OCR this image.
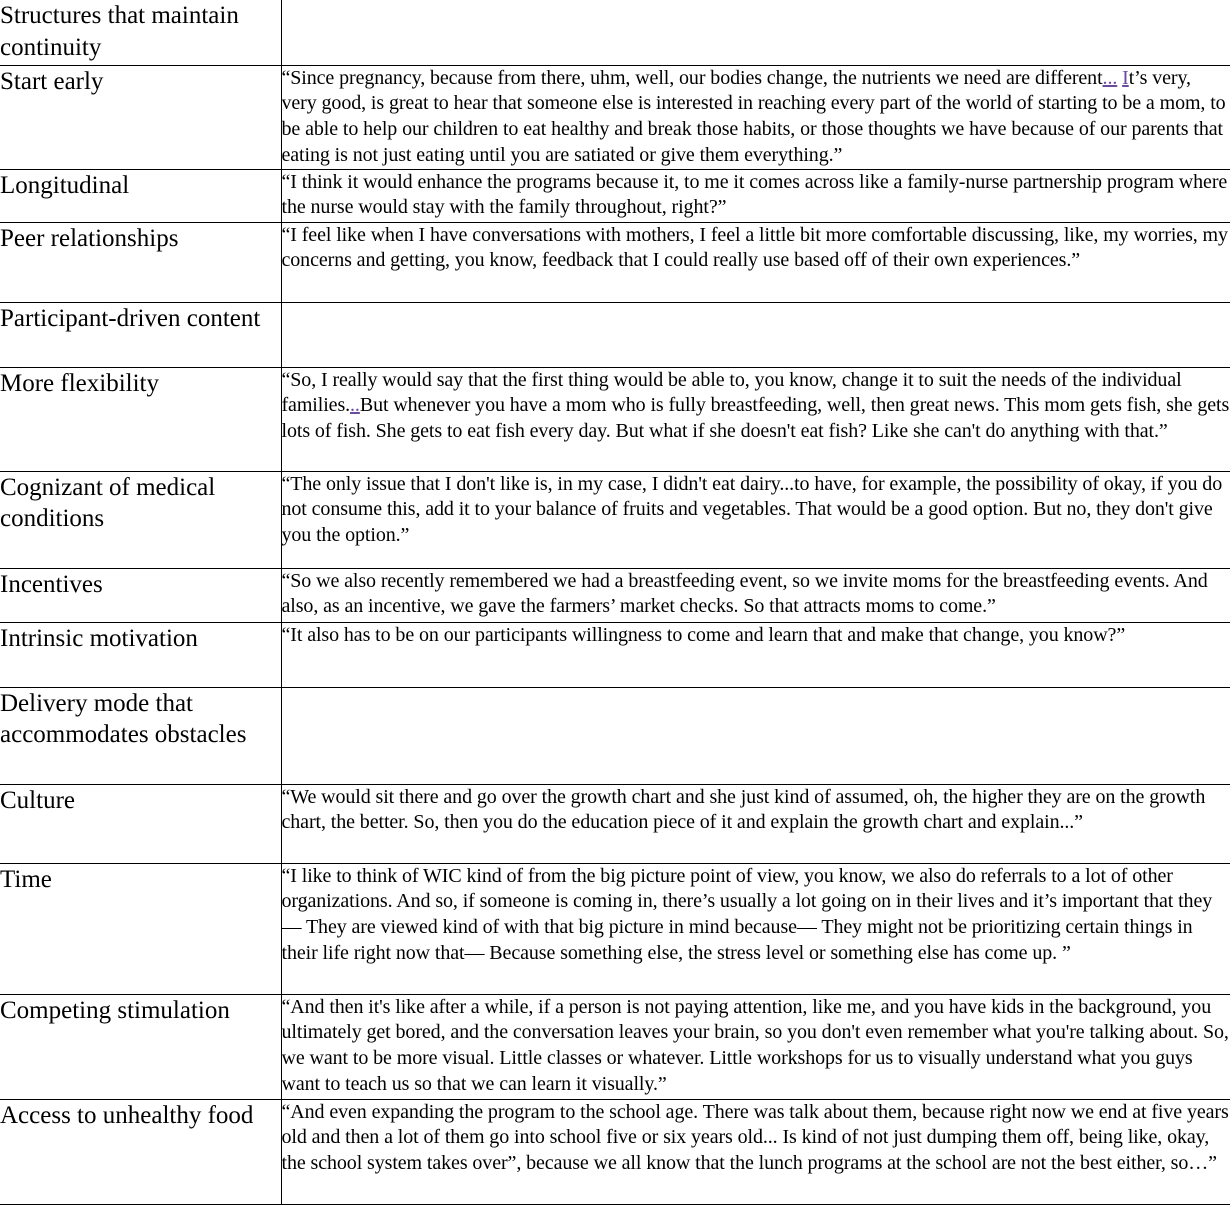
Structures that maintain continuity	
Start early	“Since pregnancy, because from there, uhm, well, our bodies change, the nutrients we need are different... It’s very, very good, is great to hear that someone else is interested in reaching every part of the world of starting to be a mom, to be able to help our children to eat healthy and break those habits, or those thoughts we have because of our parents that eating is not just eating until you are satiated or give them everything.”
Longitudinal	“I think it would enhance the programs because it, to me it comes across like a family-nurse partnership program where the nurse would stay with the family throughout, right?”
Peer relationships	“I feel like when I have conversations with mothers, I feel a little bit more comfortable discussing, like, my worries, my concerns and getting, you know, feedback that I could really use based off of their own experiences.”
Participant-driven content	
More flexibility	“So, I really would say that the first thing would be able to, you know, change it to suit the needs of the individual families...But whenever you have a mom who is fully breastfeeding, well, then great news. This mom gets fish, she gets lots of fish. She gets to eat fish every day. But what if she doesn't eat fish? Like she can't do anything with that.”
Cognizant of medical conditions	“The only issue that I don't like is, in my case, I didn't eat dairy...to have, for example, the possibility of okay, if you do not consume this, add it to your balance of fruits and vegetables. That would be a good option. But no, they don't give you the option.”
Incentives	“So we also recently remembered we had a breastfeeding event, so we invite moms for the breastfeeding events. And also, as an incentive, we gave the farmers’ market checks. So that attracts moms to come.”
Intrinsic motivation	“It also has to be on our participants willingness to come and learn that and make that change, you know?”
Delivery mode that accommodates obstacles	
Culture	“We would sit there and go over the growth chart and she just kind of assumed, oh, the higher they are on the growth chart, the better. So, then you do the education piece of it and explain the growth chart and explain...”
Time	“I like to think of WIC kind of from the big picture point of view, you know, we also do referrals to a lot of other organizations. And so, if someone is coming in, there’s usually a lot going on in their lives and it’s important that they— They are viewed kind of with that big picture in mind because— They might not be prioritizing certain things in their life right now that— Because something else, the stress level or something else has come up. ”
Competing stimulation	“And then it's like after a while, if a person is not paying attention, like me, and you have kids in the background, you ultimately get bored, and the conversation leaves your brain, so you don't even remember what you're talking about. So, we want to be more visual. Little classes or whatever. Little workshops for us to visually understand what you guys want to teach us so that we can learn it visually.”
Access to unhealthy food	“And even expanding the program to the school age. There was talk about them, because right now we end at five years old and then a lot of them go into school five or six years old... Is kind of not just dumping them off, being like, okay, the school system takes over”, because we all know that the lunch programs at the school are not the best either, so…”
